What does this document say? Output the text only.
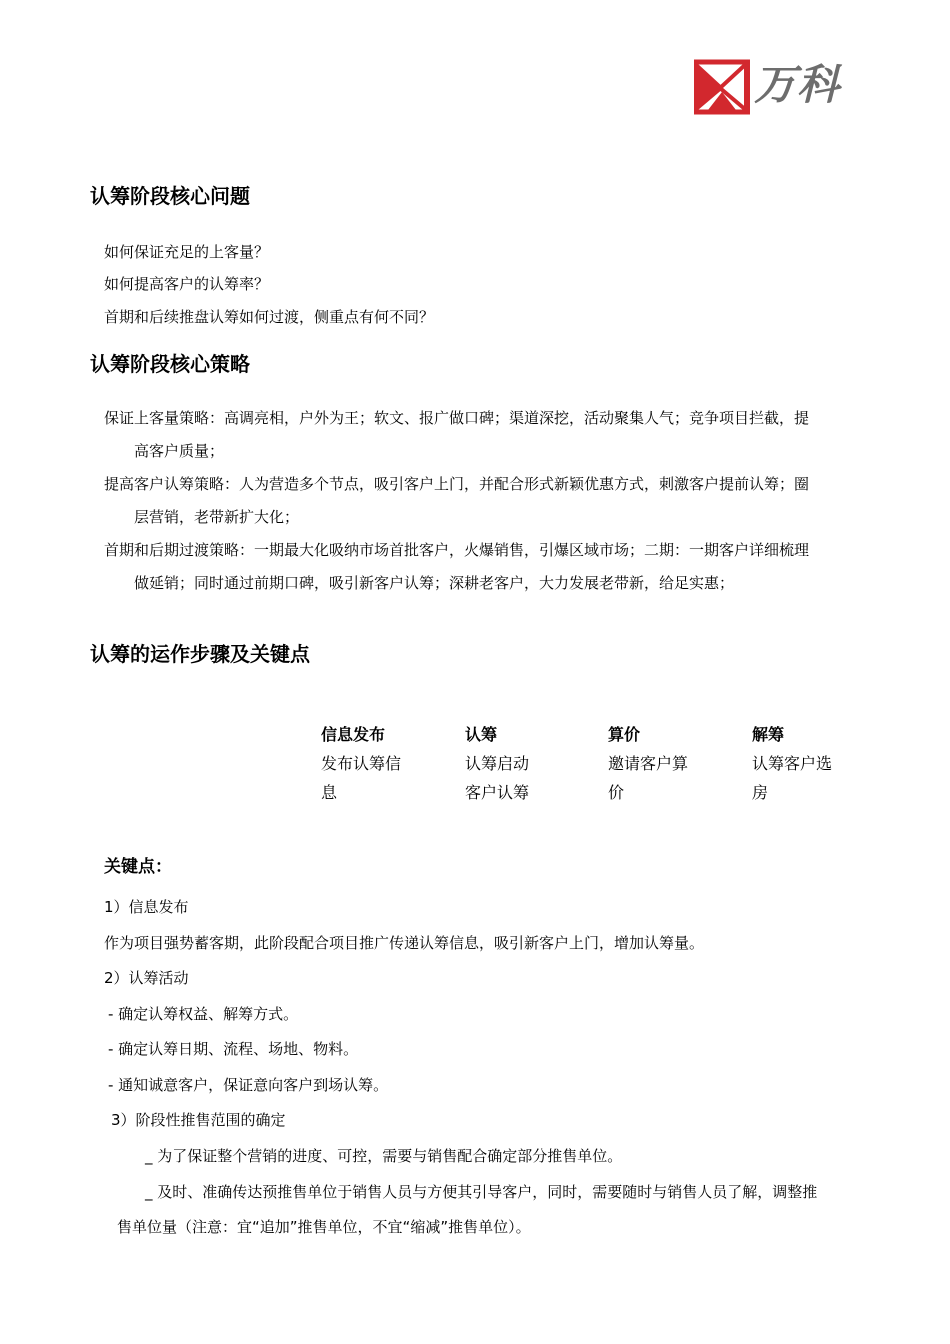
万科
认筹阶段核心问题
如何保证充足的上客量？
如何提高客户的认筹率？
首期和后续推盘认筹如何过渡，侧重点有何不同？
认筹阶段核心策略
保证上客量策略：高调亮相，户外为王；软文、报广做口碑；渠道深挖，活动聚集人气；竞争项目拦截，提
高客户质量；
提高客户认筹策略：人为营造多个节点，吸引客户上门，并配合形式新颖优惠方式，刺激客户提前认筹；圈
层营销，老带新扩大化；
首期和后期过渡策略：一期最大化吸纳市场首批客户，火爆销售，引爆区域市场；二期：一期客户详细梳理
做延销；同时通过前期口碑，吸引新客户认筹；深耕老客户，大力发展老带新，给足实惠；
认筹的运作步骤及关键点
信息发布
发布认筹信
息
认筹
认筹启动
客户认筹
算价
邀请客户算
价
解筹
认筹客户选
房
关键点：
1）信息发布
作为项目强势蓄客期，此阶段配合项目推广传递认筹信息，吸引新客户上门，增加认筹量。
2）认筹活动
- 确定认筹权益、解筹方式。
- 确定认筹日期、流程、场地、物料。
- 通知诚意客户，保证意向客户到场认筹。
3）阶段性推售范围的确定
_ 为了保证整个营销的进度、可控，需要与销售配合确定部分推售单位。
_ 及时、准确传达预推售单位于销售人员与方便其引导客户，同时，需要随时与销售人员了解，调整推
售单位量（注意：宜“追加”推售单位，不宜“缩减”推售单位）。
